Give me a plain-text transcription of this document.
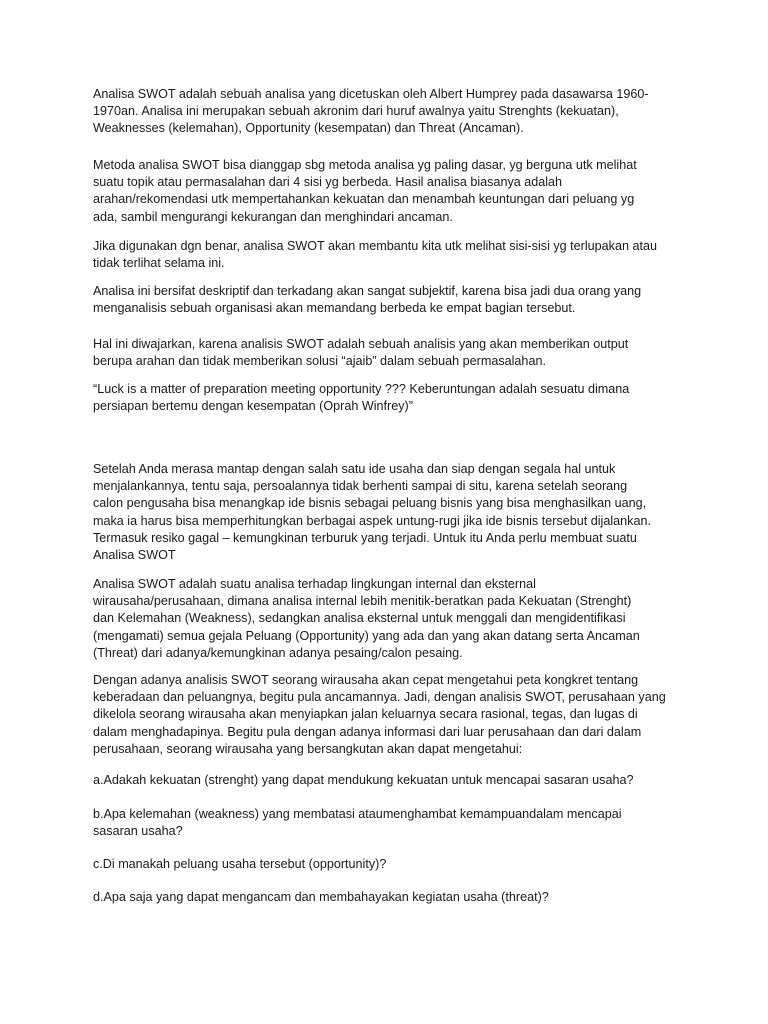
Analisa SWOT adalah sebuah analisa yang dicetuskan oleh Albert Humprey pada dasawarsa 1960-
1970an. Analisa ini merupakan sebuah akronim dari huruf awalnya yaitu Strenghts (kekuatan),
Weaknesses (kelemahan), Opportunity (kesempatan) dan Threat (Ancaman).

Metoda analisa SWOT bisa dianggap sbg metoda analisa yg paling dasar, yg berguna utk melihat
suatu topik atau permasalahan dari 4 sisi yg berbeda. Hasil analisa biasanya adalah
arahan/rekomendasi utk mempertahankan kekuatan dan menambah keuntungan dari peluang yg
ada, sambil mengurangi kekurangan dan menghindari ancaman.

Jika digunakan dgn benar, analisa SWOT akan membantu kita utk melihat sisi-sisi yg terlupakan atau
tidak terlihat selama ini.

Analisa ini bersifat deskriptif dan terkadang akan sangat subjektif, karena bisa jadi dua orang yang
menganalisis sebuah organisasi akan memandang berbeda ke empat bagian tersebut.

Hal ini diwajarkan, karena analisis SWOT adalah sebuah analisis yang akan memberikan output
berupa arahan dan tidak memberikan solusi “ajaib” dalam sebuah permasalahan.

“Luck is a matter of preparation meeting opportunity ??? Keberuntungan adalah sesuatu dimana
persiapan bertemu dengan kesempatan (Oprah Winfrey)”

Setelah Anda merasa mantap dengan salah satu ide usaha dan siap dengan segala hal untuk
menjalankannya, tentu saja, persoalannya tidak berhenti sampai di situ, karena setelah seorang
calon pengusaha bisa menangkap ide bisnis sebagai peluang bisnis yang bisa menghasilkan uang,
maka ia harus bisa memperhitungkan berbagai aspek untung-rugi jika ide bisnis tersebut dijalankan.
Termasuk resiko gagal – kemungkinan terburuk yang terjadi. Untuk itu Anda perlu membuat suatu
Analisa SWOT

Analisa SWOT adalah suatu analisa terhadap lingkungan internal dan eksternal
wirausaha/perusahaan, dimana analisa internal lebih menitik-beratkan pada Kekuatan (Strenght)
dan Kelemahan (Weakness), sedangkan analisa eksternal untuk menggali dan mengidentifikasi
(mengamati) semua gejala Peluang (Opportunity) yang ada dan yang akan datang serta Ancaman
(Threat) dari adanya/kemungkinan adanya pesaing/calon pesaing.

Dengan adanya analisis SWOT seorang wirausaha akan cepat mengetahui peta kongkret tentang
keberadaan dan peluangnya, begitu pula ancamannya. Jadi, dengan analisis SWOT, perusahaan yang
dikelola seorang wirausaha akan menyiapkan jalan keluarnya secara rasional, tegas, dan lugas di
dalam menghadapinya. Begitu pula dengan adanya informasi dari luar perusahaan dan dari dalam
perusahaan, seorang wirausaha yang bersangkutan akan dapat mengetahui:

a.Adakah kekuatan (strenght) yang dapat mendukung kekuatan untuk mencapai sasaran usaha?

b.Apa kelemahan (weakness) yang membatasi ataumenghambat kemampuandalam mencapai
sasaran usaha?

c.Di manakah peluang usaha tersebut (opportunity)?

d.Apa saja yang dapat mengancam dan membahayakan kegiatan usaha (threat)?
